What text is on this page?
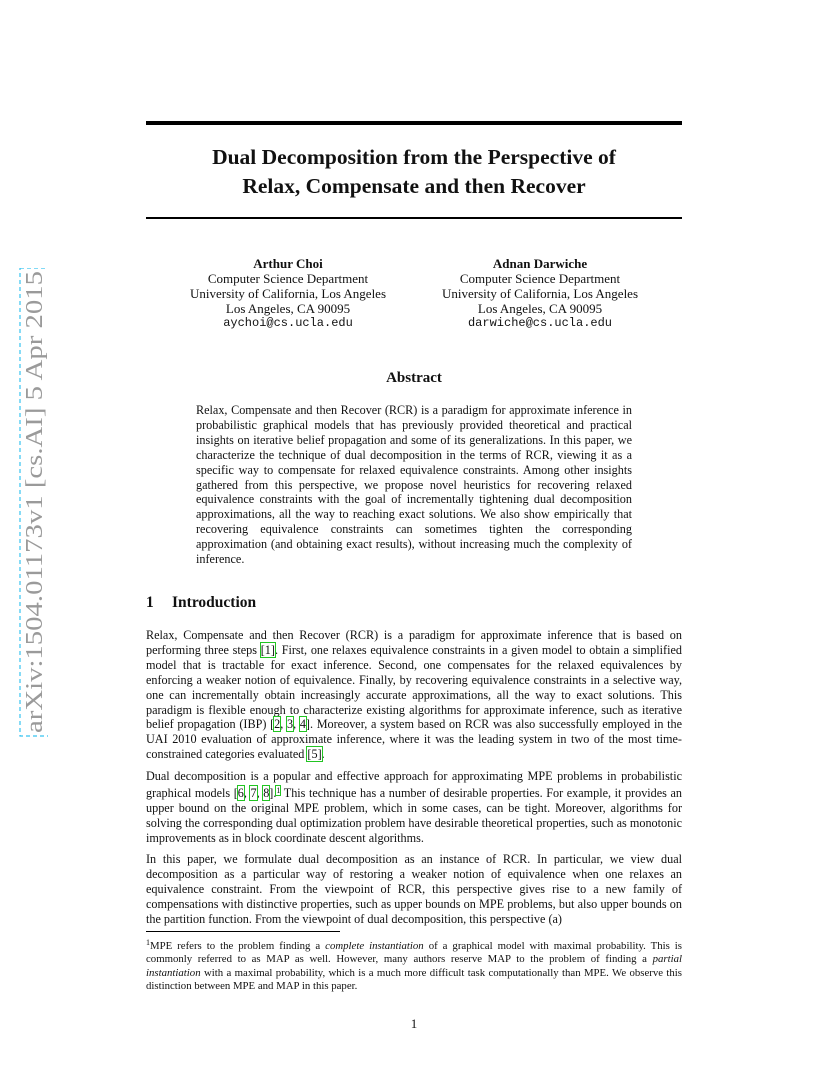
arXiv:1504.01173v1 [cs.AI] 5 Apr 2015
Dual Decomposition from the Perspective of
Relax, Compensate and then Recover
Arthur Choi
Computer Science Department
University of California, Los Angeles
Los Angeles, CA 90095
aychoi@cs.ucla.edu
Adnan Darwiche
Computer Science Department
University of California, Los Angeles
Los Angeles, CA 90095
darwiche@cs.ucla.edu
Abstract
Relax, Compensate and then Recover (RCR) is a paradigm for approximate inference in probabilistic graphical models that has previously provided theoretical and practical insights on iterative belief propagation and some of its generalizations. In this paper, we characterize the technique of dual decomposition in the terms of RCR, viewing it as a specific way to compensate for relaxed equivalence constraints. Among other insights gathered from this perspective, we propose novel heuristics for recovering relaxed equivalence constraints with the goal of incrementally tightening dual decomposition approximations, all the way to reaching exact solutions. We also show empirically that recovering equivalence constraints can sometimes tighten the corresponding approximation (and obtaining exact results), without increasing much the complexity of inference.
1 Introduction

Relax, Compensate and then Recover (RCR) is a paradigm for approximate inference that is based on performing three steps [1]. First, one relaxes equivalence constraints in a given model to obtain a simplified model that is tractable for exact inference. Second, one compensates for the relaxed equivalences by enforcing a weaker notion of equivalence. Finally, by recovering equivalence constraints in a selective way, one can incrementally obtain increasingly accurate approximations, all the way to exact solutions. This paradigm is flexible enough to characterize existing algorithms for approximate inference, such as iterative belief propagation (IBP) [2, 3, 4]. Moreover, a system based on RCR was also successfully employed in the UAI 2010 evaluation of approximate inference, where it was the leading system in two of the most time-constrained categories evaluated [5].

Dual decomposition is a popular and effective approach for approximating MPE problems in probabilistic graphical models [6, 7, 8].$^1$ This technique has a number of desirable properties. For example, it provides an upper bound on the original MPE problem, which in some cases, can be tight. Moreover, algorithms for solving the corresponding dual optimization problem have desirable theoretical properties, such as monotonic improvements as in block coordinate descent algorithms.

In this paper, we formulate dual decomposition as an instance of RCR. In particular, we view dual decomposition as a particular way of restoring a weaker notion of equivalence when one relaxes an equivalence constraint. From the viewpoint of RCR, this perspective gives rise to a new family of compensations with distinctive properties, such as upper bounds on MPE problems, but also upper bounds on the partition function. From the viewpoint of dual decomposition, this perspective (a)

$^1$MPE refers to the problem finding a complete instantiation of a graphical model with maximal probability. This is commonly referred to as MAP as well. However, many authors reserve MAP to the problem of finding a partial instantiation with a maximal probability, which is a much more difficult task computationally than MPE. We observe this distinction between MPE and MAP in this paper.
1
